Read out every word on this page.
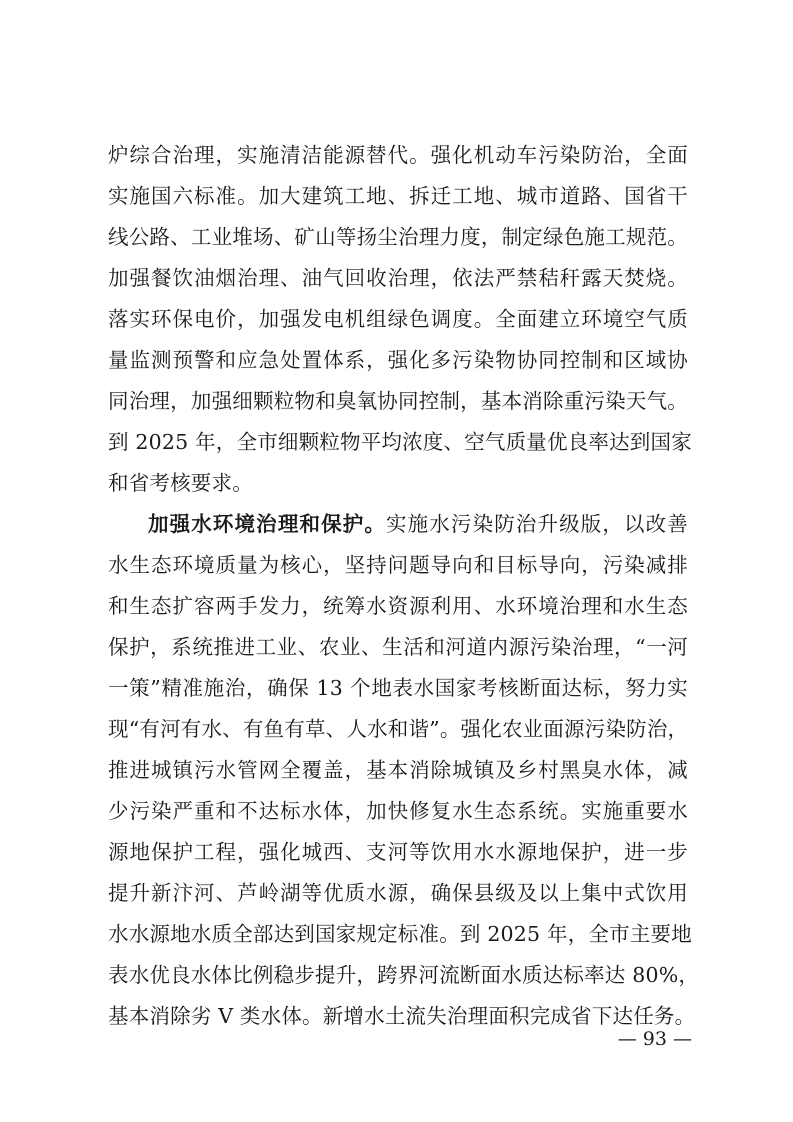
炉综合治理，实施清洁能源替代。强化机动车污染防治，全面
实施国六标准。加大建筑工地、拆迁工地、城市道路、国省干
线公路、工业堆场、矿山等扬尘治理力度，制定绿色施工规范。
加强餐饮油烟治理、油气回收治理，依法严禁秸秆露天焚烧。
落实环保电价，加强发电机组绿色调度。全面建立环境空气质
量监测预警和应急处置体系，强化多污染物协同控制和区域协
同治理，加强细颗粒物和臭氧协同控制，基本消除重污染天气。
到 2025 年，全市细颗粒物平均浓度、空气质量优良率达到国家
和省考核要求。
加强水环境治理和保护。实施水污染防治升级版，以改善
水生态环境质量为核心，坚持问题导向和目标导向，污染减排
和生态扩容两手发力，统筹水资源利用、水环境治理和水生态
保护，系统推进工业、农业、生活和河道内源污染治理，“一河
一策”精准施治，确保 13 个地表水国家考核断面达标，努力实
现“有河有水、有鱼有草、人水和谐”。强化农业面源污染防治，
推进城镇污水管网全覆盖，基本消除城镇及乡村黑臭水体，减
少污染严重和不达标水体，加快修复水生态系统。实施重要水
源地保护工程，强化城西、支河等饮用水水源地保护，进一步
提升新汴河、芦岭湖等优质水源，确保县级及以上集中式饮用
水水源地水质全部达到国家规定标准。到 2025 年，全市主要地
表水优良水体比例稳步提升，跨界河流断面水质达标率达 80%，
基本消除劣 V 类水体。新增水土流失治理面积完成省下达任务。
— 93 —
